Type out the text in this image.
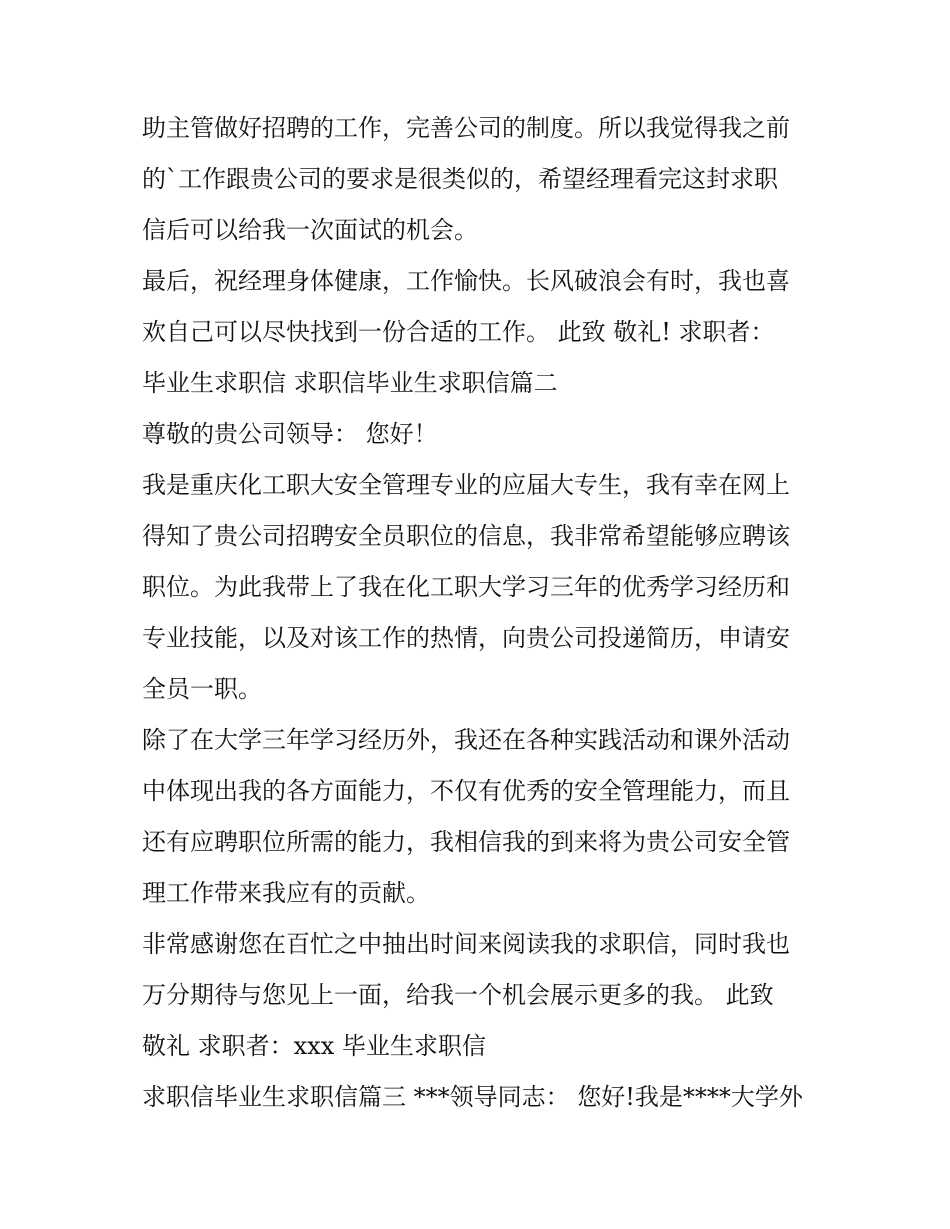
助主管做好招聘的工作，完善公司的制度。所以我觉得我之前
的`工作跟贵公司的要求是很类似的，希望经理看完这封求职
信后可以给我一次面试的机会。
最后，祝经理身体健康，工作愉快。长风破浪会有时，我也喜
欢自己可以尽快找到一份合适的工作。 此致 敬礼! 求职者：
毕业生求职信 求职信毕业生求职信篇二
尊敬的贵公司领导： 您好！
我是重庆化工职大安全管理专业的应届大专生，我有幸在网上
得知了贵公司招聘安全员职位的信息，我非常希望能够应聘该
职位。为此我带上了我在化工职大学习三年的优秀学习经历和
专业技能，以及对该工作的热情，向贵公司投递简历，申请安
全员一职。
除了在大学三年学习经历外，我还在各种实践活动和课外活动
中体现出我的各方面能力，不仅有优秀的安全管理能力，而且
还有应聘职位所需的能力，我相信我的到来将为贵公司安全管
理工作带来我应有的贡献。
非常感谢您在百忙之中抽出时间来阅读我的求职信，同时我也
万分期待与您见上一面，给我一个机会展示更多的我。 此致
敬礼 求职者：xxx 毕业生求职信
求职信毕业生求职信篇三 ***领导同志： 您好!我是****大学外
